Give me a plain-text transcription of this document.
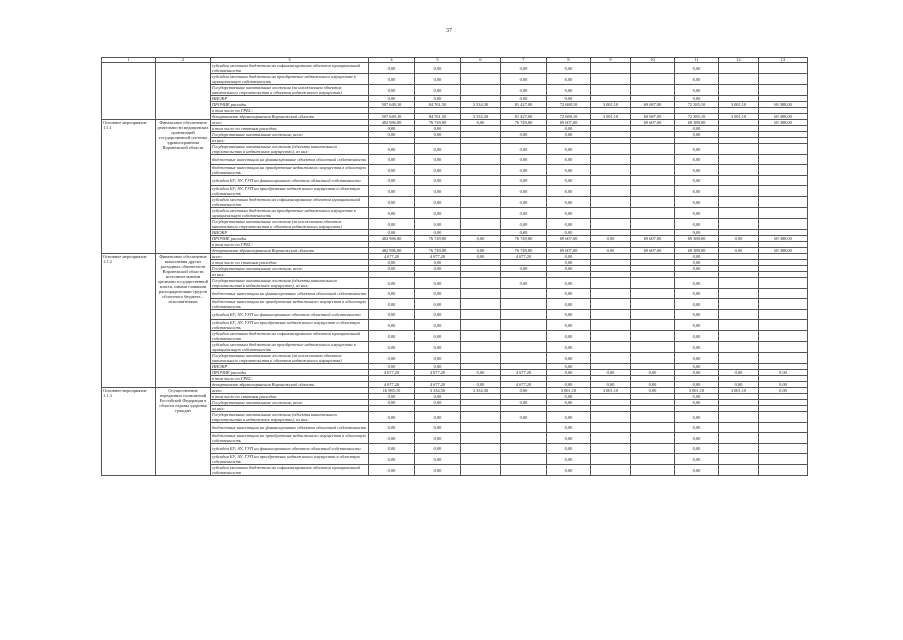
37
1	2	3	4	5	6	7	8	9	10	11	12	13
		субсидии местным бюджетам на софинансирование объектов муниципальной собственности	0,00	0,00		0,00	0,00			0,00		
		субсидии местным бюджетам на приобретение недвижимого имущества в муниципальную собственность	0,00	0,00		0,00	0,00			0,00		
		Государственные капитальные вложения (за исключением объектов капитального строительства и объектов недвижимого имущества)	0,00	0,00		0,00	0,00			0,00		
		НИОКР	0,00	0,00		0,00	0,00			0,00		
		ПРОЧИЕ расходы	507 649,10	84 761,50	3 334,30	81 427,00	72 688,10	3 001,10	69 687,00	72 385,10	3 001,10	69 388,00
		в том числе по ГРБС:										
		департамент здравоохранения Воронежской области	507 649,10	84 761,50	3 334,30	81 427,00	72 688,10	3 001,10	69 687,00	72 385,10	3 001,10	69 388,00
Основное мероприятие 1.1.1	Финансовое обеспечение деятельности медицинских организаций государственной системы здравоохранения Воронежской области	всего	482 986,80	76 749,80	0,00	76 749,80	69 607,00		69 607,00	69 388,00		69 388,00
		в том числе по статьям расходов:	0,00	0,00			0,00			0,00		
		Государственные капитальные вложения, всего	0,00	0,00		0,00	0,00			0,00		
		из них:										
		Государственные капитальные вложения (объекты капитального строительства и недвижимое имущество), из них:	0,00	0,00		0,00	0,00			0,00		
		бюджетные инвестиции на финансирование объектов областной собственности	0,00	0,00		0,00	0,00			0,00		
		бюджетные инвестиции на приобретение недвижимого имущества в областную собственность	0,00	0,00		0,00	0,00			0,00		
		субсидии БУ, АУ, ГУП на финансирование объектов областной собственности	0,00	0,00		0,00	0,00			0,00		
		субсидии БУ, АУ, ГУП на приобретение недвижимого имущества в областную собственность	0,00	0,00		0,00	0,00			0,00		
		субсидии местным бюджетам на софинансирование объектов муниципальной собственности	0,00	0,00		0,00	0,00			0,00		
		субсидии местным бюджетам на приобретение недвижимого имущества в муниципальную собственность	0,00	0,00		0,00	0,00			0,00		
		Государственные капитальные вложения (за исключением объектов капитального строительства и объектов недвижимого имущества)	0,00	0,00		0,00	0,00			0,00		
		НИОКР	0,00	0,00		0,00	0,00			0,00		
		ПРОЧИЕ расходы	482 986,80	76 749,80	0,00	76 749,80	69 607,00	0,00	69 607,00	69 388,00	0,00	69 388,00
		в том числе по ГРБС:										
		департамент здравоохранения Воронежской области	482 986,80	76 749,80	0,00	76 749,80	69 607,00	0,00	69 607,00	69 388,00	0,00	69 388,00
Основное мероприятие 1.1.2	Финансовое обеспечение выполнения других расходных обязательств Воронежской области исполнительными органами государственной власти, иными главными распорядителями средств областного бюджета – исполнителями	всего	4 677,20	4 677,20	0,00	4 677,20	0,00			0,00		
		в том числе по статьям расходов:	0,00	0,00			0,00			0,00		
		Государственные капитальные вложения, всего	0,00	0,00		0,00	0,00			0,00		
		из них:										
		Государственные капитальные вложения (объекты капитального строительства и недвижимое имущество), из них:	0,00	0,00		0,00	0,00			0,00		
		бюджетные инвестиции на финансирование объектов областной собственности	0,00	0,00			0,00			0,00		
		бюджетные инвестиции на приобретение недвижимого имущества в областную собственность	0,00	0,00			0,00			0,00		
		субсидии БУ, АУ, ГУП на финансирование объектов областной собственности	0,00	0,00			0,00			0,00		
		субсидии БУ, АУ, ГУП на приобретение недвижимого имущества в областную собственность	0,00	0,00			0,00			0,00		
		субсидии местным бюджетам на софинансирование объектов муниципальной собственности	0,00	0,00			0,00			0,00		
		субсидии местным бюджетам на приобретение недвижимого имущества в муниципальную собственность	0,00	0,00			0,00			0,00		
		Государственные капитальные вложения (за исключением объектов капитального строительства и объектов недвижимого имущества)	0,00	0,00			0,00			0,00		
		НИОКР	0,00	0,00			0,00			0,00		
		ПРОЧИЕ расходы	4 677,20	4 677,20	0,00	4 677,20	0,00	0,00	0,00	0,00	0,00	0,00
		в том числе по ГРБС:										
		департамент здравоохранения Воронежской области	4 677,20	4 677,20	0,00	4 677,20	0,00	0,00	0,00	0,00	0,00	0,00
Основное мероприятие 1.1.3	Осуществление переданных полномочий Российской Федерации в области охраны здоровья граждан	всего	16 985,10	3 334,50	3 334,30	0,00	3 001,10	3 001,10	0,00	3 001,10	3 001,10	0,00
		в том числе по статьям расходов:	0,00	0,00			0,00			0,00		
		Государственные капитальные вложения, всего	0,00	0,00		0,00	0,00			0,00		
		из них:										
		Государственные капитальные вложения (объекты капитального строительства и недвижимое имущество), из них:	0,00	0,00		0,00	0,00			0,00		
		бюджетные инвестиции на финансирование объектов областной собственности	0,00	0,00			0,00			0,00		
		бюджетные инвестиции на приобретение недвижимого имущества в областную собственность	0,00	0,00			0,00			0,00		
		субсидии БУ, АУ, ГУП на финансирование объектов областной собственности	0,00	0,00			0,00			0,00		
		субсидии БУ, АУ, ГУП на приобретение недвижимого имущества в областную собственность	0,00	0,00			0,00			0,00		
		субсидии местным бюджетам на софинансирование объектов муниципальной собственности	0,00	0,00			0,00			0,00		
